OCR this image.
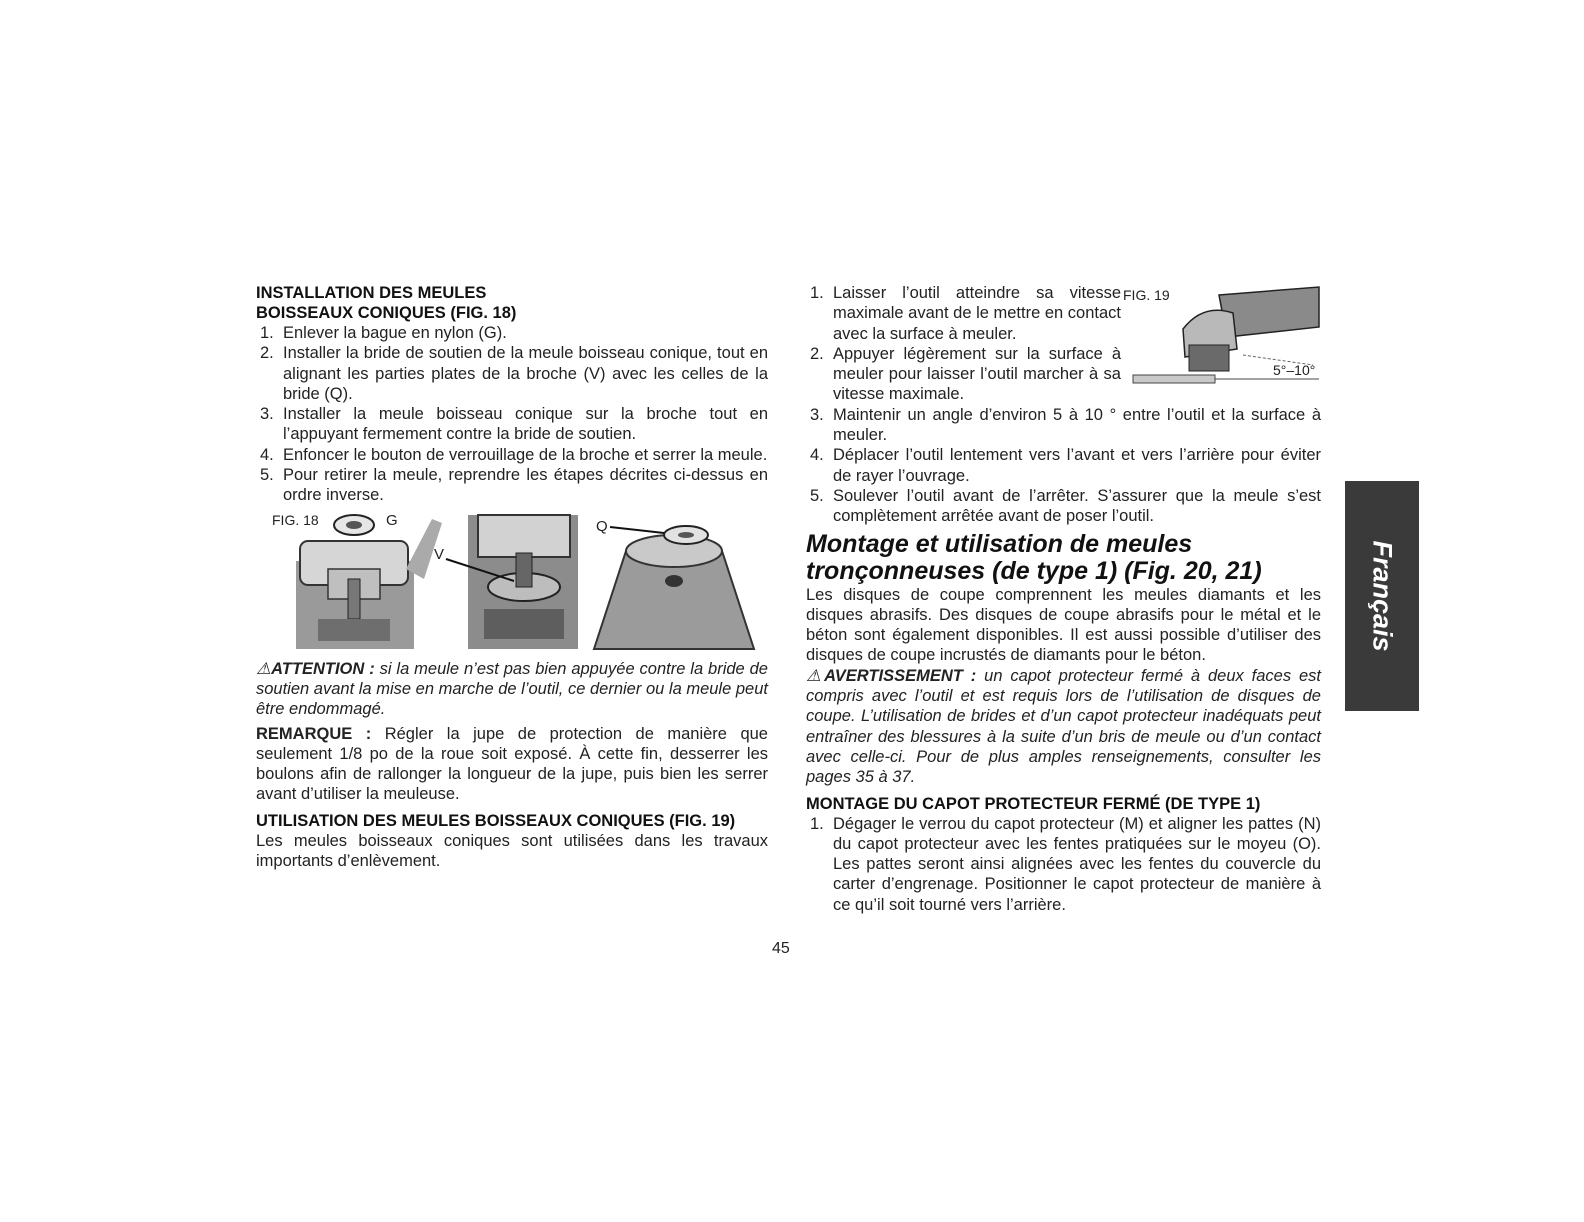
INSTALLATION DES MEULES
BOISSEAUX CONIQUES (FIG. 18)
1. Enlever la bague en nylon (G).
2. Installer la bride de soutien de la meule boisseau conique, tout en alignant les parties plates de la broche (V) avec les celles de la bride (Q).
3. Installer la meule boisseau conique sur la broche tout en l’appuyant fermement contre la bride de soutien.
4. Enfoncer le bouton de verrouillage de la broche et serrer la meule.
5. Pour retirer la meule, reprendre les étapes décrites ci-dessus en ordre inverse.
FIG. 18	G
V
Q

⚠ATTENTION : si la meule n’est pas bien appuyée contre la bride de soutien avant la mise en marche de l’outil, ce dernier ou la meule peut être endommagé.

REMARQUE : Régler la jupe de protection de manière que seulement 1/8 po de la roue soit exposé. À cette fin, desserrer les boulons afin de rallonger la longueur de la jupe, puis bien les serrer avant d’utiliser la meuleuse.

UTILISATION DES MEULES BOISSEAUX CONIQUES (FIG. 19)

Les meules boisseaux coniques sont utilisées dans les travaux importants d’enlèvement.

FIG. 19
5°–10°
1. Laisser l’outil atteindre sa vitesse maximale avant de le mettre en contact avec la surface à meuler.
2. Appuyer légèrement sur la surface à meuler pour laisser l’outil marcher à sa vitesse maximale.
3. Maintenir un angle d’environ 5 à 10 ° entre l’outil et la surface à meuler.
4. Déplacer l’outil lentement vers l’avant et vers l’arrière pour éviter de rayer l’ouvrage.
5. Soulever l’outil avant de l’arrêter. S’assurer que la meule s’est complètement arrêtée avant de poser l’outil.
Montage et utilisation de meules
tronçonneuses (de type 1) (Fig. 20, 21)

Les disques de coupe comprennent les meules diamants et les disques abrasifs. Des disques de coupe abrasifs pour le métal et le béton sont également disponibles. Il est aussi possible d’utiliser des disques de coupe incrustés de diamants pour le béton.

⚠AVERTISSEMENT : un capot protecteur fermé à deux faces est compris avec l’outil et est requis lors de l’utilisation de disques de coupe. L’utilisation de brides et d’un capot protecteur inadéquats peut entraîner des blessures à la suite d’un bris de meule ou d’un contact avec celle-ci. Pour de plus amples renseignements, consulter les pages 35 à 37.

MONTAGE DU CAPOT PROTECTEUR FERMÉ (DE TYPE 1)
1. Dégager le verrou du capot protecteur (M) et aligner les pattes (N) du capot protecteur avec les fentes pratiquées sur le moyeu (O). Les pattes seront ainsi alignées avec les fentes du couvercle du carter d’engrenage. Positionner le capot protecteur de manière à ce qu’il soit tourné vers l’arrière.
Français
45
